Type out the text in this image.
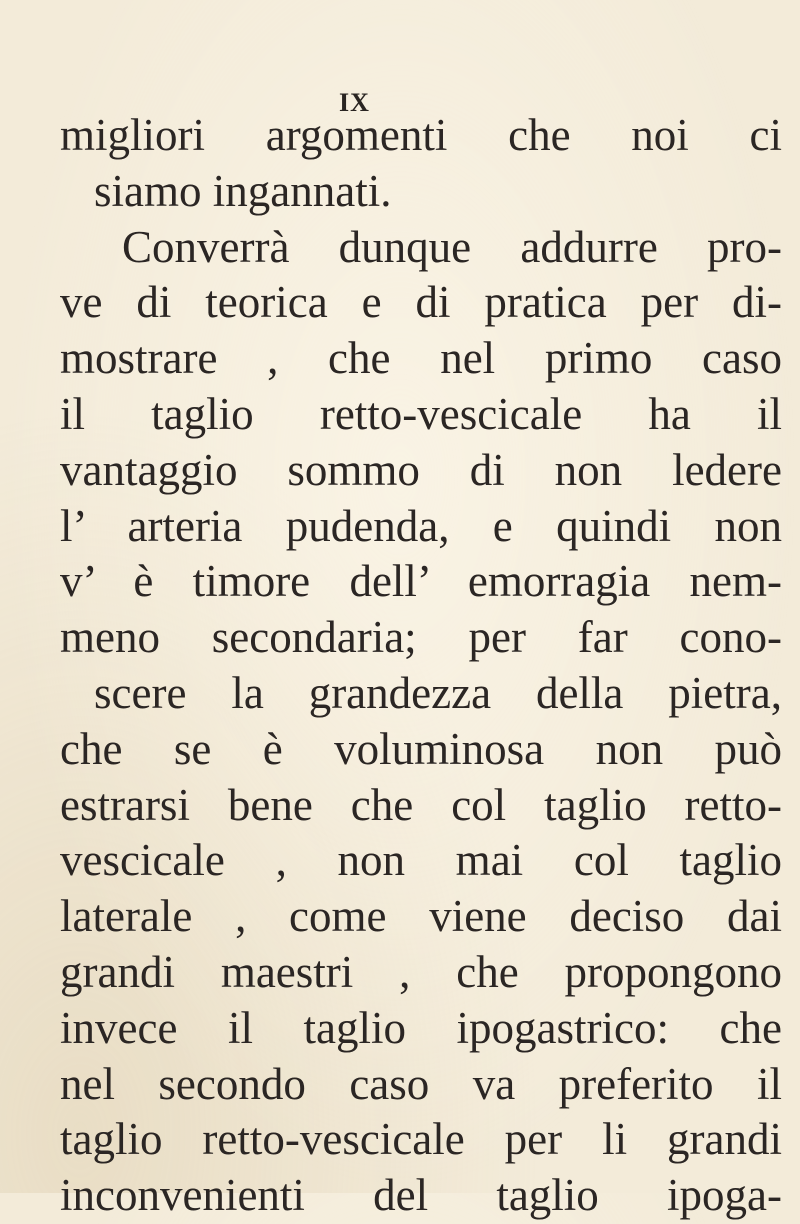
IX
migliori argomenti che noi ci
siamo ingannati.
Converrà dunque addurre pro-
ve di teorica e di pratica per di-
mostrare , che nel primo caso
il taglio retto-vescicale ha il
vantaggio sommo di non ledere
l’ arteria pudenda, e quindi non
v’ è timore dell’ emorragia nem-
meno secondaria; per far cono-
scere la grandezza della pietra,
che se è voluminosa non può
estrarsi bene che col taglio retto-
vescicale , non mai col taglio
laterale , come viene deciso dai
grandi maestri , che propongono
invece il taglio ipogastrico: che
nel secondo caso va preferito il
taglio retto-vescicale per li grandi
inconvenienti del taglio ipoga-
